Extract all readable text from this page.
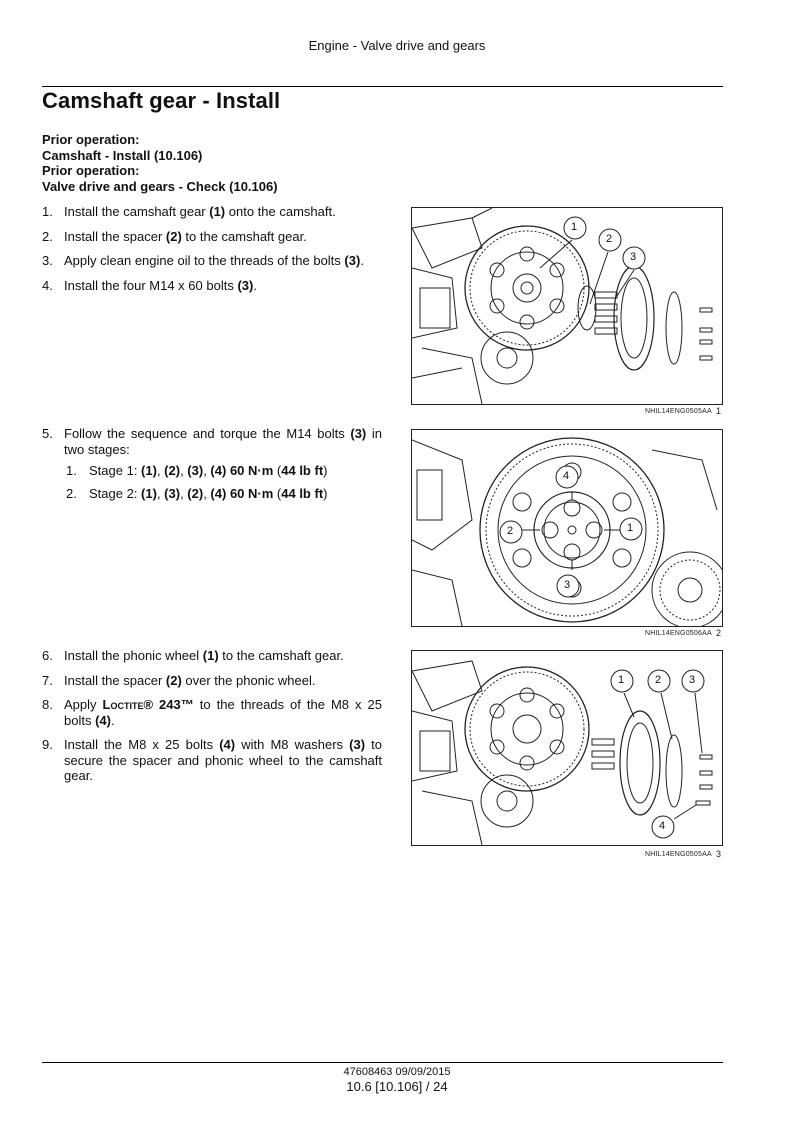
Engine - Valve drive and gears
Camshaft gear - Install
Prior operation:
Camshaft - Install (10.106)
Prior operation:
Valve drive and gears - Check (10.106)
1. Install the camshaft gear (1) onto the camshaft.
2. Install the spacer (2) to the camshaft gear.
3. Apply clean engine oil to the threads of the bolts (3).
4. Install the four M14 x 60 bolts (3).
5. Follow the sequence and torque the M14 bolts (3) in two stages:
1. Stage 1: (1), (2), (3), (4) 60 N·m (44 lb ft)
2. Stage 2: (1), (3), (2), (4) 60 N·m (44 lb ft)
6. Install the phonic wheel (1) to the camshaft gear.
7. Install the spacer (2) over the phonic wheel.
8. Apply Loctite® 243™ to the threads of the M8 x 25 bolts (4).
9. Install the M8 x 25 bolts (4) with M8 washers (3) to secure the spacer and phonic wheel to the camshaft gear.
1
2
3
NHIL14ENG0505AA 1
4
2	1
3
NHIL14ENG0506AA 2
1	2	3
4
NHIL14ENG0505AA 3
47608463 09/09/2015
10.6 [10.106] / 24
